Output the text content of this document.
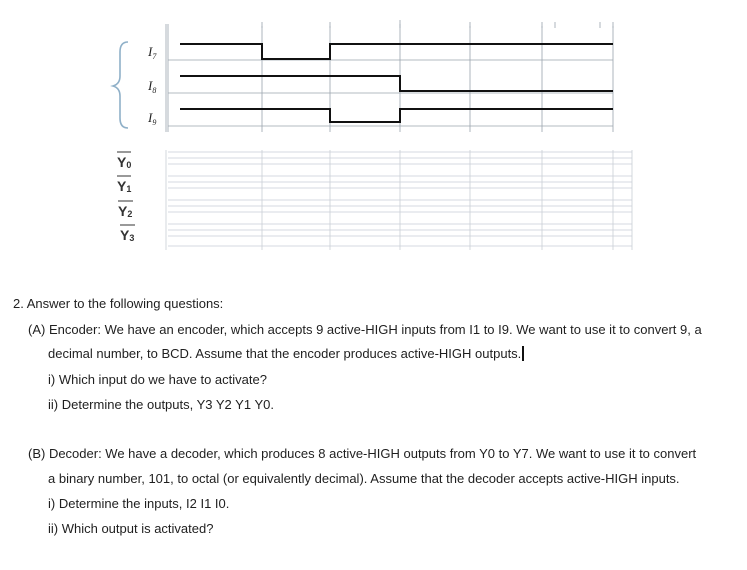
$I_7$
$I_8$
$I_9$
Y0
Y1
Y2
Y3
2. Answer to the following questions:
(A) Encoder: We have an encoder, which accepts 9 active-HIGH inputs from I1 to I9. We want to use it to convert 9, a
decimal number, to BCD. Assume that the encoder produces active-HIGH outputs.
i) Which input do we have to activate?
ii) Determine the outputs, Y3 Y2 Y1 Y0.
(B) Decoder: We have a decoder, which produces 8 active-HIGH outputs from Y0 to Y7. We want to use it to convert
a binary number, 101, to octal (or equivalently decimal). Assume that the decoder accepts active-HIGH inputs.
i) Determine the inputs, I2 I1 I0.
ii) Which output is activated?
